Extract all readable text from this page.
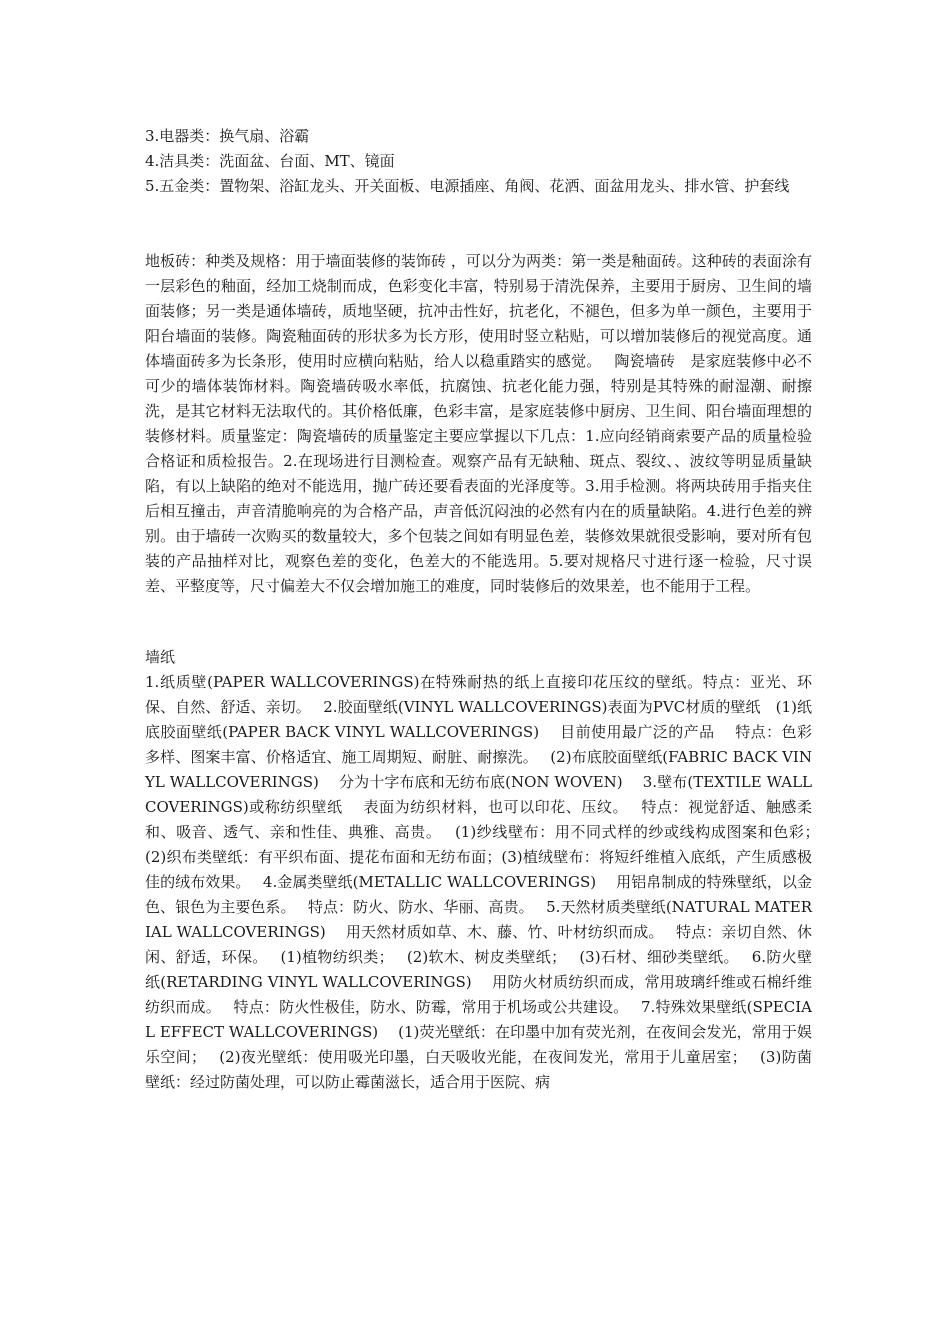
3.电器类：换气扇、浴霸
4.洁具类：洗面盆、台面、MT、镜面

5.五金类：置物架、浴缸龙头、开关面板、电源插座、角阀、花洒、面盆用龙头、排水管、护套线

地板砖：种类及规格：用于墙面装修的装饰砖 ，可以分为两类：第一类是釉面砖。这种砖的表面涂有一层彩色的釉面，经加工烧制而成，色彩变化丰富，特别易于清洗保养，主要用于厨房、卫生间的墙面装修；另一类是通体墙砖，质地坚硬，抗冲击性好，抗老化，不褪色，但多为单一颜色，主要用于阳台墙面的装修。陶瓷釉面砖的形状多为长方形，使用时竖立粘贴，可以增加装修后的视觉高度。通体墙面砖多为长条形，使用时应横向粘贴，给人以稳重踏实的感觉。　 陶瓷墙砖　是家庭装修中必不可少的墙体装饰材料。陶瓷墙砖吸水率低，抗腐蚀、抗老化能力强，特别是其特殊的耐湿潮、耐擦洗，是其它材料无法取代的。其价格低廉，色彩丰富，是家庭装修中厨房、卫生间、阳台墙面理想的装修材料。质量鉴定：陶瓷墙砖的质量鉴定主要应掌握以下几点：1.应向经销商索要产品的质量检验合格证和质检报告。2.在现场进行目测检查。观察产品有无缺釉、斑点、裂纹、、波纹等明显质量缺陷，有以上缺陷的绝对不能选用，抛广砖还要看表面的光泽度等。3.用手检测。将两块砖用手指夹住后相互撞击，声音清脆响亮的为合格产品，声音低沉闷浊的必然有内在的质量缺陷。4.进行色差的辨别。由于墙砖一次购买的数量较大，多个包装之间如有明显色差，装修效果就很受影响，要对所有包装的产品抽样对比，观察色差的变化，色差大的不能选用。5.要对规格尺寸进行逐一检验，尺寸误差、平整度等，尺寸偏差大不仅会增加施工的难度，同时装修后的效果差，也不能用于工程。

墙纸

1.纸质壁(PAPER WALLCOVERINGS)在特殊耐热的纸上直接印花压纹的壁纸。特点：亚光、环保、自然、舒适、亲切。　 2.胶面壁纸(VINYL WALLCOVERINGS)表面为PVC材质的壁纸　(1)纸底胶面壁纸(PAPER BACK VINYL WALLCOVERINGS)　 目前使用最广泛的产品　 特点：色彩多样、图案丰富、价格适宜、施工周期短、耐脏、耐擦洗。　 (2)布底胶面壁纸(FABRIC BACK VINYL WALLCOVERINGS)　 分为十字布底和无纺布底(NON WOVEN)　 3.壁布(TEXTILE WALLCOVERINGS)或称纺织壁纸　 表面为纺织材料，也可以印花、压纹。　 特点：视觉舒适、触感柔和、吸音、透气、亲和性佳、典雅、高贵。　 (1)纱线壁布：用不同式样的纱或线构成图案和色彩；　 (2)织布类壁纸：有平织布面、提花布面和无纺布面；(3)植绒壁布：将短纤维植入底纸，产生质感极佳的绒布效果。　 4.金属类壁纸(METALLIC WALLCOVERINGS)　 用铝帛制成的特殊壁纸，以金色、银色为主要色系。　 特点：防火、防水、华丽、高贵。　 5.天然材质类壁纸(NATURAL MATERIAL WALLCOVERINGS)　 用天然材质如草、木、藤、竹、叶材纺织而成。　 特点：亲切自然、休闲、舒适，环保。　 (1)植物纺织类；　 (2)软木、树皮类壁纸；　 (3)石材、细砂类壁纸。　 6.防火壁纸(RETARDING VINYL WALLCOVERINGS)　 用防火材质纺织而成，常用玻璃纤维或石棉纤维纺织而成。　 特点：防火性极佳，防水、防霉，常用于机场或公共建设。　 7.特殊效果壁纸(SPECIAL EFFECT WALLCOVERINGS)　 (1)荧光壁纸：在印墨中加有荧光剂，在夜间会发光，常用于娱乐空间；　 (2)夜光壁纸：使用吸光印墨，白天吸收光能，在夜间发光，常用于儿童居室；　 (3)防菌壁纸：经过防菌处理，可以防止霉菌滋长，适合用于医院、病
